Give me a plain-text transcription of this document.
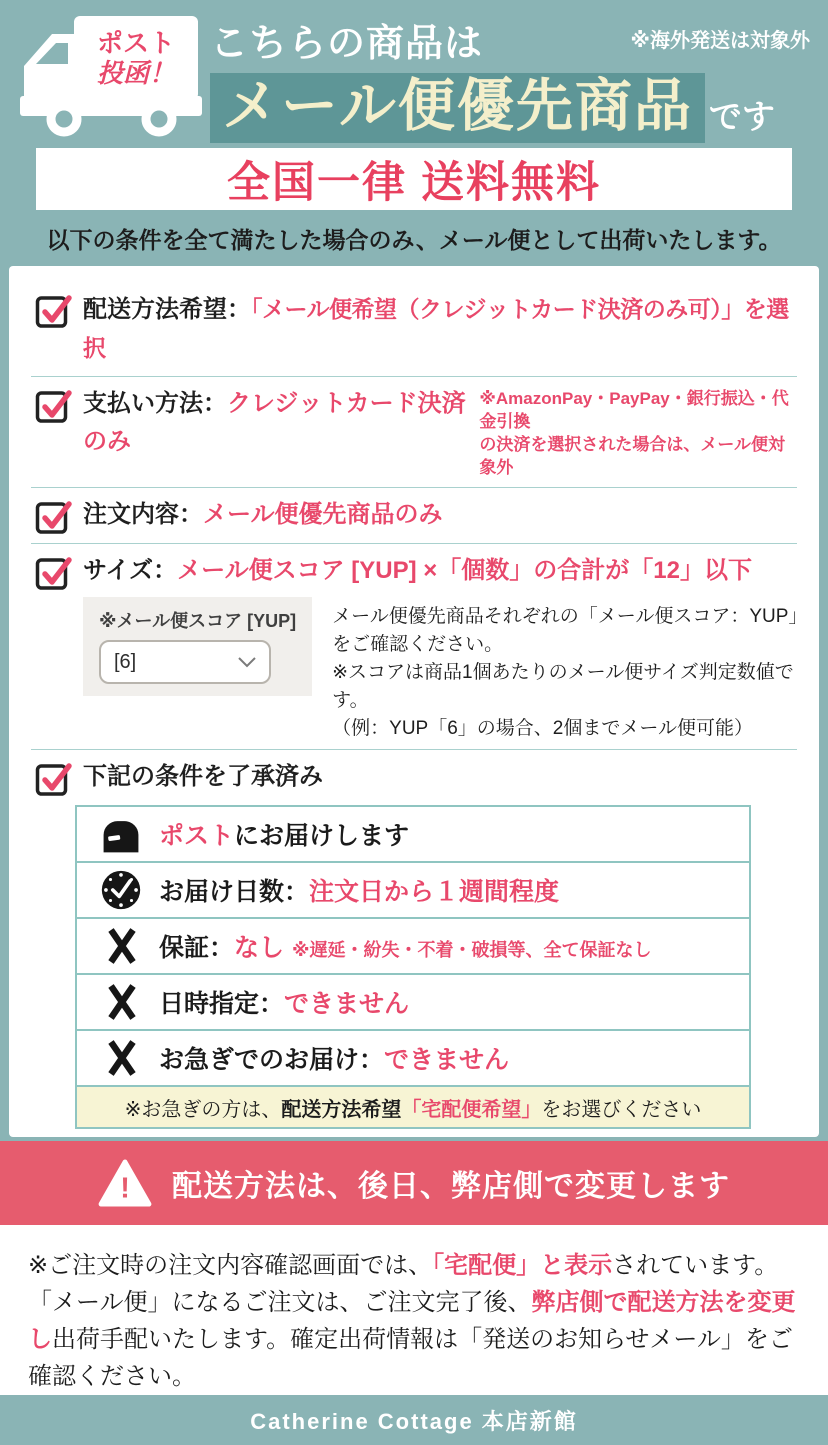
ポスト
投函！
こちらの商品は
メール便優先商品 です
※海外発送は対象外
全国一律 送料無料
以下の条件を全て満たした場合のみ、メール便として出荷いたします。
配送方法希望：「メール便希望（クレジットカード決済のみ可）」を選択
支払い方法：クレジットカード決済のみ
※AmazonPay・PayPay・銀行振込・代金引換
の決済を選択された場合は、メール便対象外
注文内容：メール便優先商品のみ
サイズ：メール便スコア [YUP] ×「個数」の合計が「12」以下
※メール便スコア [YUP]
[6]
メール便優先商品それぞれの「メール便スコア：YUP」をご確認ください。
※スコアは商品1個あたりのメール便サイズ判定数値です。
（例：YUP「6」の場合、2個までメール便可能）
下記の条件を了承済み
ポスト にお届けします
お届け日数： 注文日から１週間程度
保証： なし ※遅延・紛失・不着・破損等、全て保証なし
日時指定： できません
お急ぎでのお届け： できません
※お急ぎの方は、 配送方法希望 「宅配便希望」 をお選びください
! 配送方法は、後日、弊店側で変更します

※ご注文時の注文内容確認画面では、「宅配便」と表示されています。

「メール便」になるご注文は、ご注文完了後、弊店側で配送方法を変更し出荷手配いたします。確定出荷情報は「発送のお知らせメール」をご確認ください。

Catherine Cottage 本店新館
